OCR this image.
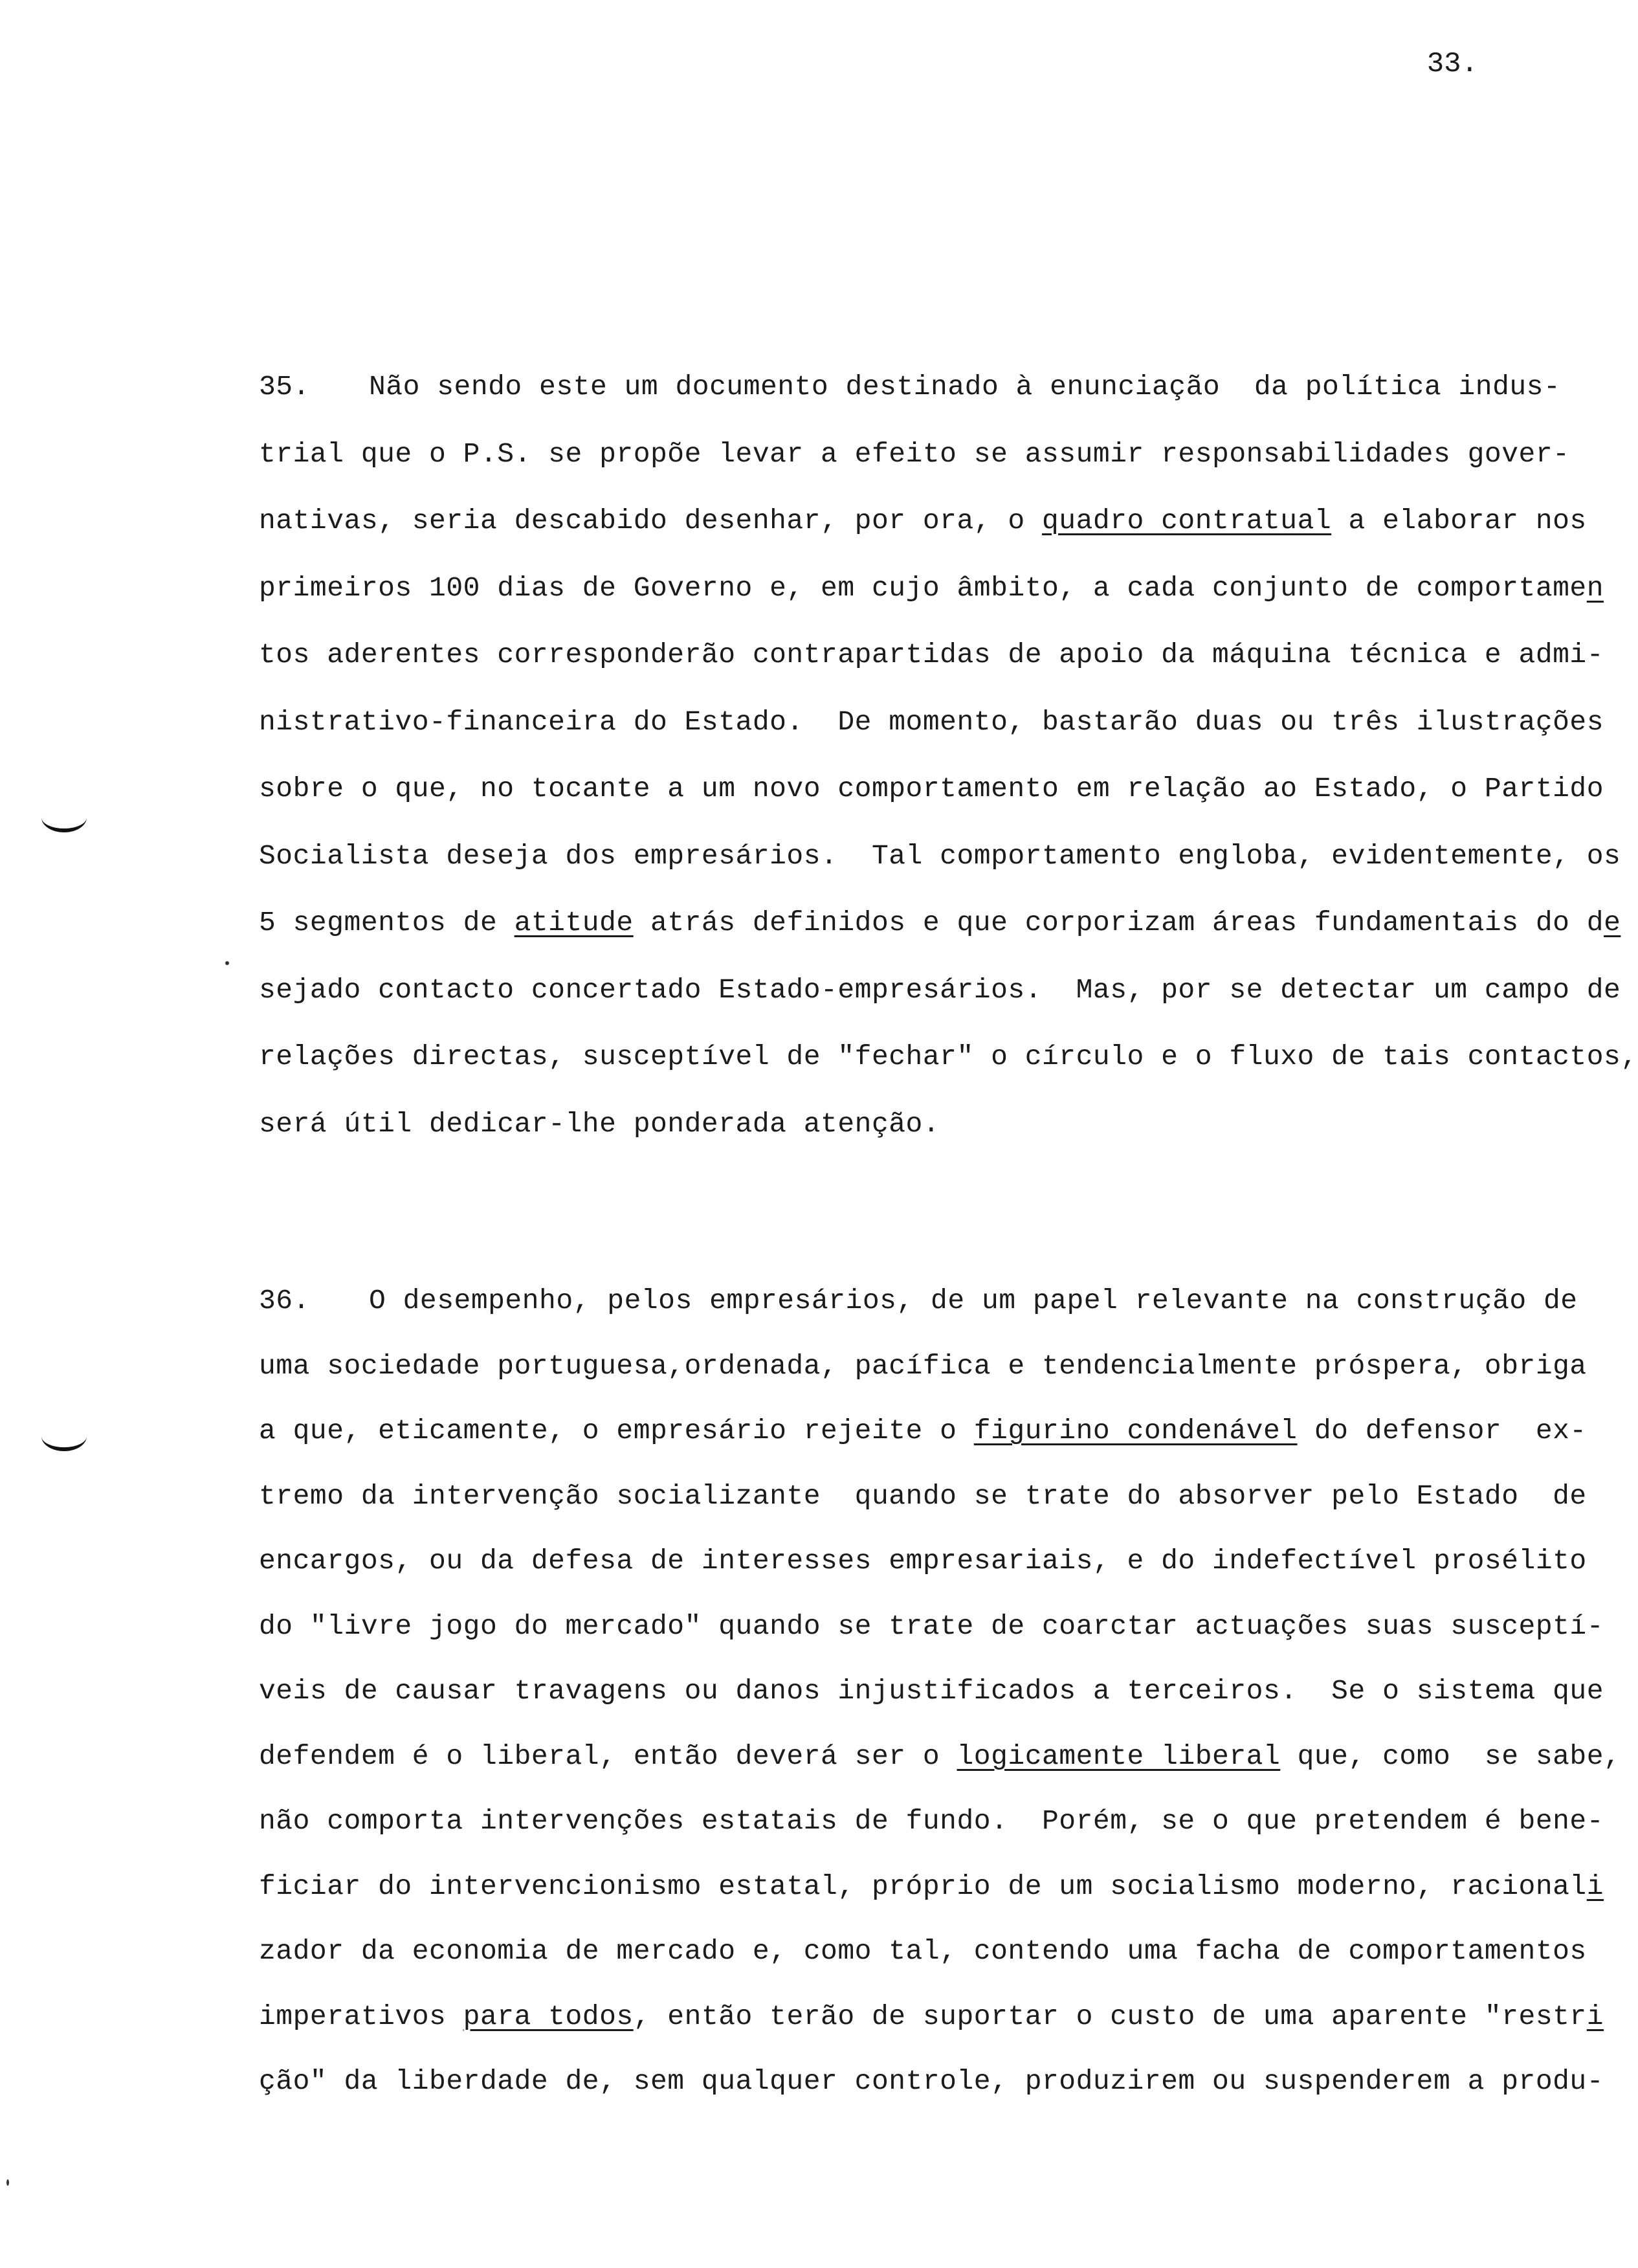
33.
35. Não sendo este um documento destinado à enunciação  da política indus-
trial que o P.S. se propõe levar a efeito se assumir responsabilidades gover-
nativas, seria descabido desenhar, por ora, o quadro contratual a elaborar nos
primeiros 100 dias de Governo e, em cujo âmbito, a cada conjunto de comportamen
tos aderentes corresponderão contrapartidas de apoio da máquina técnica e admi-
nistrativo-financeira do Estado.  De momento, bastarão duas ou três ilustrações
sobre o que, no tocante a um novo comportamento em relação ao Estado, o Partido
Socialista deseja dos empresários.  Tal comportamento engloba, evidentemente, os
5 segmentos de atitude atrás definidos e que corporizam áreas fundamentais do de
sejado contacto concertado Estado-empresários.  Mas, por se detectar um campo de
relações directas, susceptível de "fechar" o círculo e o fluxo de tais contactos,
será útil dedicar-lhe ponderada atenção.
36. O desempenho, pelos empresários, de um papel relevante na construção de
uma sociedade portuguesa,ordenada, pacífica e tendencialmente próspera, obriga
a que, eticamente, o empresário rejeite o figurino condenável do defensor  ex-
tremo da intervenção socializante  quando se trate do absorver pelo Estado  de
encargos, ou da defesa de interesses empresariais, e do indefectível prosélito
do "livre jogo do mercado" quando se trate de coarctar actuações suas susceptí-
veis de causar travagens ou danos injustificados a terceiros.  Se o sistema que
defendem é o liberal, então deverá ser o logicamente liberal que, como  se sabe,
não comporta intervenções estatais de fundo.  Porém, se o que pretendem é bene-
ficiar do intervencionismo estatal, próprio de um socialismo moderno, racionali
zador da economia de mercado e, como tal, contendo uma facha de comportamentos
imperativos para todos, então terão de suportar o custo de uma aparente "restri
ção" da liberdade de, sem qualquer controle, produzirem ou suspenderem a produ-
